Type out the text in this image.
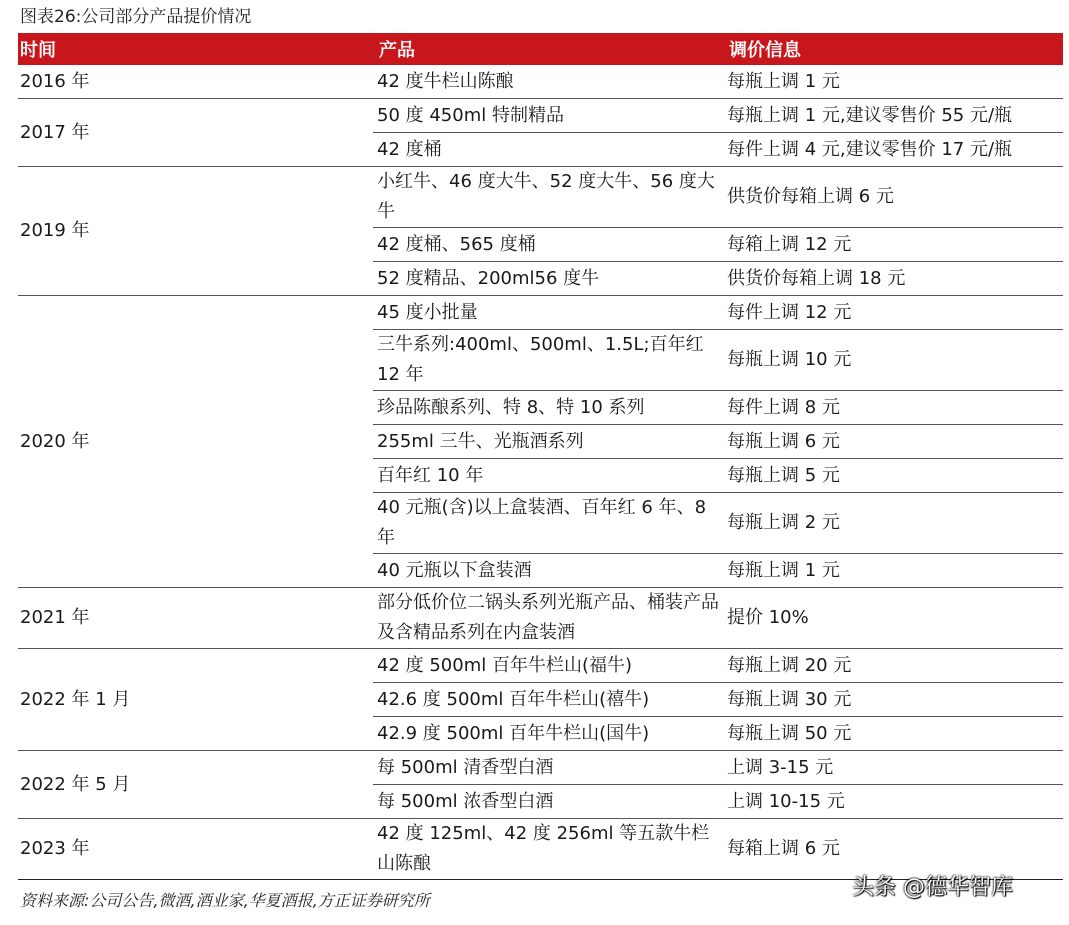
图表26:公司部分产品提价情况
时间	产品	调价信息
2016 年	42 度牛栏山陈酿	每瓶上调 1 元
2017 年	50 度 450ml 特制精品	每瓶上调 1 元,建议零售价 55 元/瓶
	42 度桶	每件上调 4 元,建议零售价 17 元/瓶
2019 年	小红牛、46 度大牛、52 度大牛、56 度大牛	供货价每箱上调 6 元
	42 度桶、565 度桶	每箱上调 12 元
	52 度精品、200ml56 度牛	供货价每箱上调 18 元
2020 年	45 度小批量	每件上调 12 元
	三牛系列:400ml、500ml、1.5L;百年红 12 年	每瓶上调 10 元
	珍品陈酿系列、特 8、特 10 系列	每件上调 8 元
	255ml 三牛、光瓶酒系列	每瓶上调 6 元
	百年红 10 年	每瓶上调 5 元
	40 元瓶(含)以上盒装酒、百年红 6 年、8 年	每瓶上调 2 元
	40 元瓶以下盒装酒	每瓶上调 1 元
2021 年	部分低价位二锅头系列光瓶产品、桶装产品及含精品系列在内盒装酒	提价 10%
2022 年 1 月	42 度 500ml 百年牛栏山(福牛)	每瓶上调 20 元
	42.6 度 500ml 百年牛栏山(禧牛)	每瓶上调 30 元
	42.9 度 500ml 百年牛栏山(国牛)	每瓶上调 50 元
2022 年 5 月	每 500ml 清香型白酒	上调 3-15 元
	每 500ml 浓香型白酒	上调 10-15 元
2023 年	42 度 125ml、42 度 256ml 等五款牛栏山陈酿	每箱上调 6 元
资料来源:公司公告,微酒,酒业家,华夏酒报,方正证券研究所
头条 @德华智库
